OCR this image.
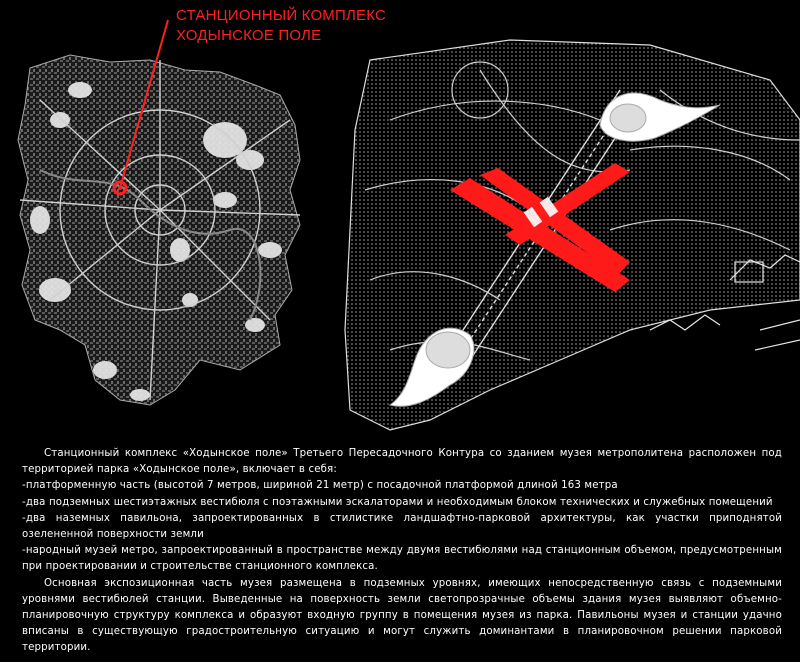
СТАНЦИОННЫЙ КОМПЛЕКС
ХОДЫНСКОЕ ПОЛЕ

Станционный комплекс «Ходынское поле» Третьего Пересадочного Контура со зданием музея метрополитена расположен под территорией парка «Ходынское поле», включает в себя:

-платформенную часть (высотой 7 метров, шириной 21 метр) с посадочной платформой длиной 163 метра

-два подземных шестиэтажных вестибюля с поэтажными эскалаторами и необходимым блоком технических и служебных помещений

-два наземных павильона, запроектированных в стилистике ландшафтно-парковой архитектуры, как участки приподнятой озелененной поверхности земли

-народный музей метро, запроектированный в пространстве между двумя вестибюлями над станционным объемом, предусмотренным при проектировании и строительстве станционного комплекса.

Основная экспозиционная часть музея размещена в подземных уровнях, имеющих непосредственную связь с подземными уровнями вестибюлей станции. Выведенные на поверхность земли светопрозрачные объемы здания музея выявляют объемно-планировочную структуру комплекса и образуют входную группу в помещения музея из парка. Павильоны музея и станции удачно вписаны в существующую градостроительную ситуацию и могут служить доминантами в планировочном решении парковой территории.
